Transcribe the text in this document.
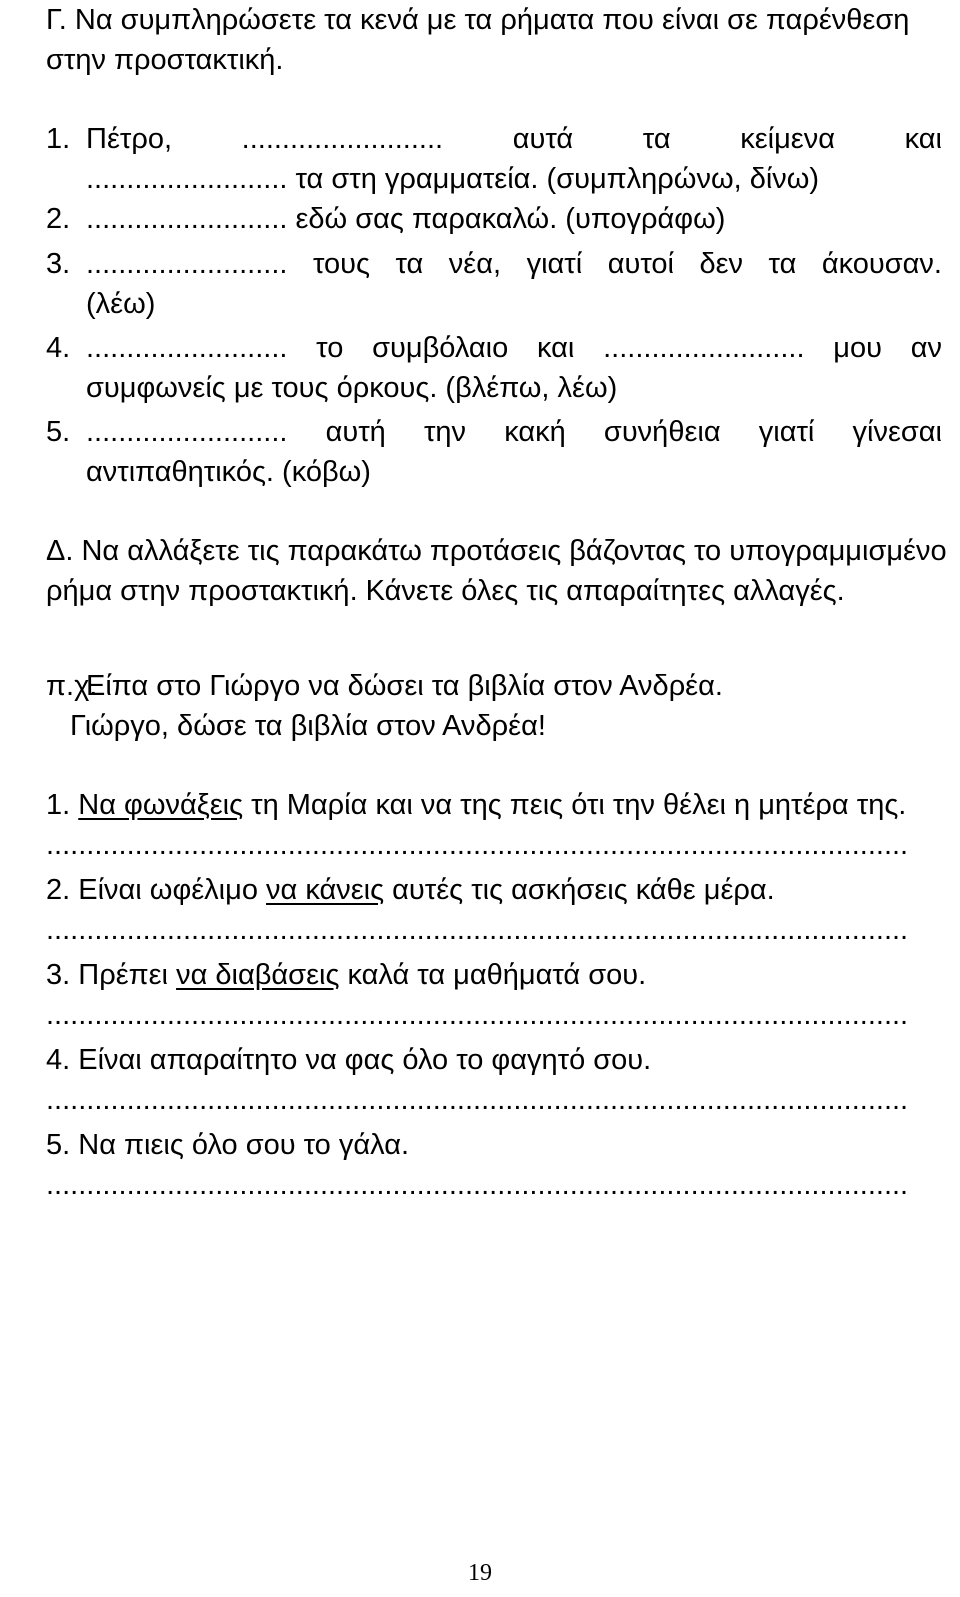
Γ. Να συμπληρώσετε τα κενά με τα ρήματα που είναι σε παρένθεση
στην προστακτική.
1. Πέτρο, ......................... αυτά τα κείμενα και
......................... τα στη γραμματεία. (συμπληρώνω, δίνω)
2. ......................... εδώ σας παρακαλώ. (υπογράφω)
3. ......................... τους τα νέα, γιατί αυτοί δεν τα άκουσαν.
(λέω)
4. ......................... το συμβόλαιο και ......................... μου αν
συμφωνείς με τους όρκους. (βλέπω, λέω)
5. ......................... αυτή την κακή συνήθεια γιατί γίνεσαι
αντιπαθητικός. (κόβω)
Δ. Να αλλάξετε τις παρακάτω προτάσεις βάζοντας το υπογραμμισμένο
ρήμα στην προστακτική. Κάνετε όλες τις απαραίτητες αλλαγές.
π.χ.
Είπα στο Γιώργο να δώσει τα βιβλία στον Ανδρέα.
Γιώργο, δώσε τα βιβλία στον Ανδρέα!
1. Να φωνάξεις τη Μαρία και να της πεις ότι την θέλει η μητέρα της.
...........................................................................................................
2. Είναι ωφέλιμο να κάνεις αυτές τις ασκήσεις κάθε μέρα.
...........................................................................................................
3. Πρέπει να διαβάσεις καλά τα μαθήματά σου.
...........................................................................................................
4. Είναι απαραίτητο να φας όλο το φαγητό σου.
...........................................................................................................
5. Να πιεις όλο σου το γάλα.
...........................................................................................................
19
